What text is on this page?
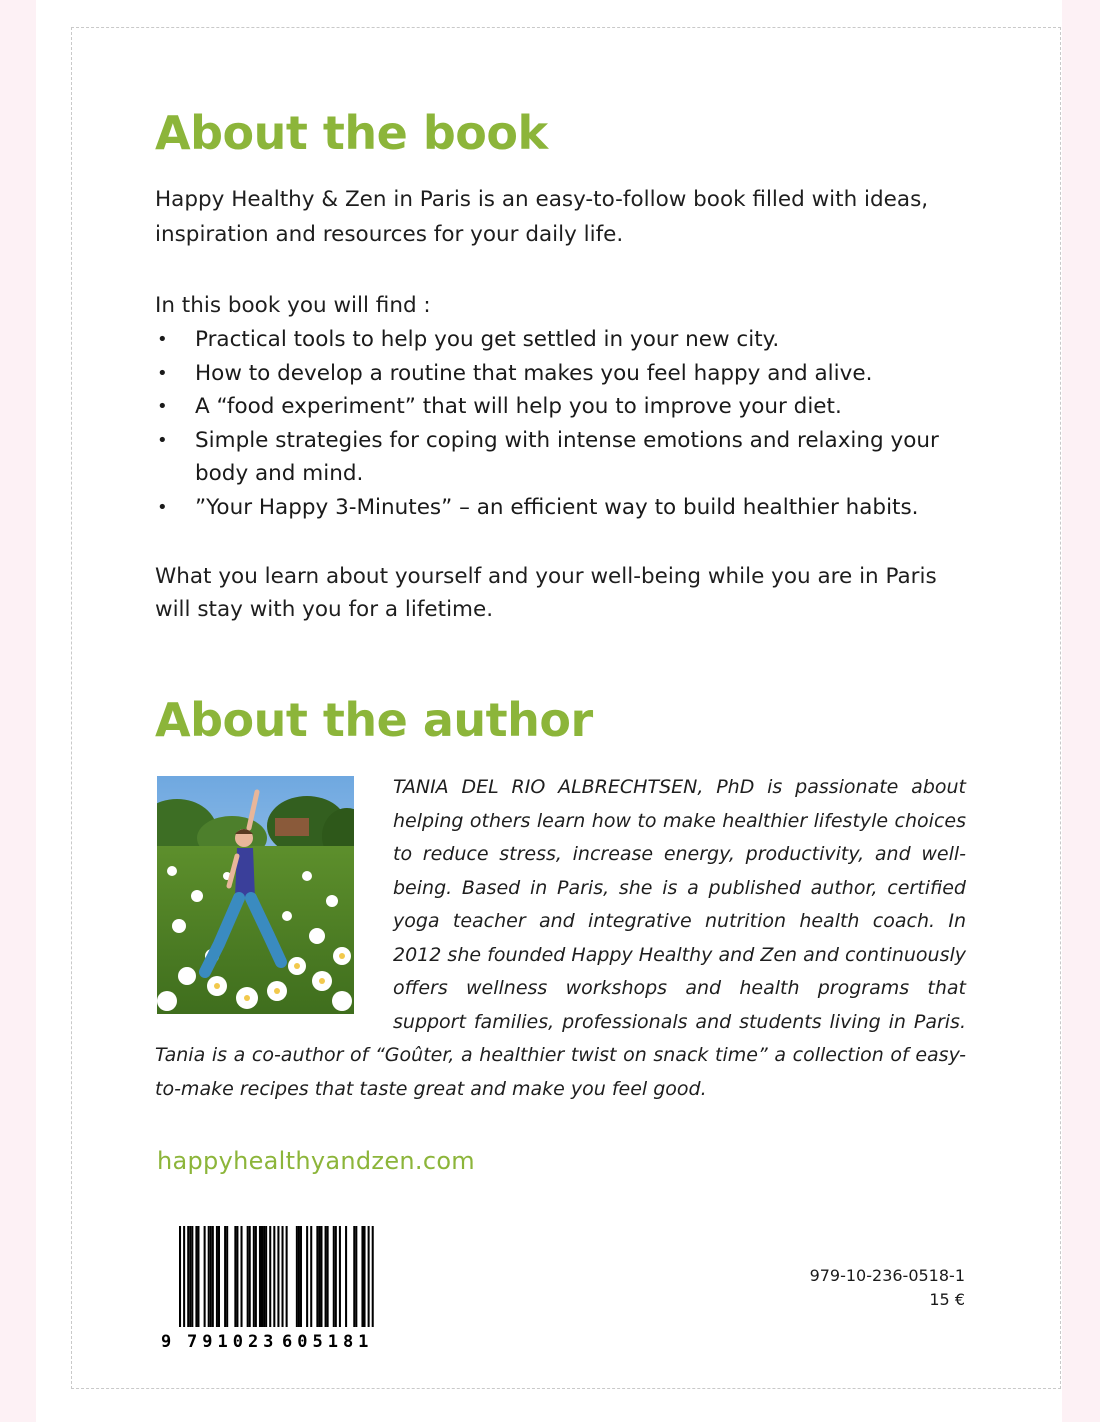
About the book

Happy Healthy & Zen in Paris is an easy-to-follow book filled with ideas, inspiration and resources for your daily life.

In this book you will find :

• Practical tools to help you get settled in your new city.
• How to develop a routine that makes you feel happy and alive.
• A “food experiment” that will help you to improve your diet.
• Simple strategies for coping with intense emotions and relaxing your body and mind.
• ”Your Happy 3-Minutes” – an efficient way to build healthier habits.

What you learn about yourself and your well-being while you are in Paris will stay with you for a lifetime.

About the author

TANIA DEL RIO ALBRECHTSEN, PhD is passionate about helping others learn how to make healthier lifestyle choices to reduce stress, increase energy, productivity, and well-being. Based in Paris, she is a published author, certified yoga teacher and integrative nutrition health coach. In 2012 she founded Happy Healthy and Zen and continuously offers wellness workshops and health programs that support families, professionals and students living in Paris. Tania is a co-author of “Goûter, a healthier twist on snack time” a collection of easy-to-make recipes that taste great and make you feel good.

happyhealthyandzen.com

9 791023 605181
979-10-236-0518-1
15 €
